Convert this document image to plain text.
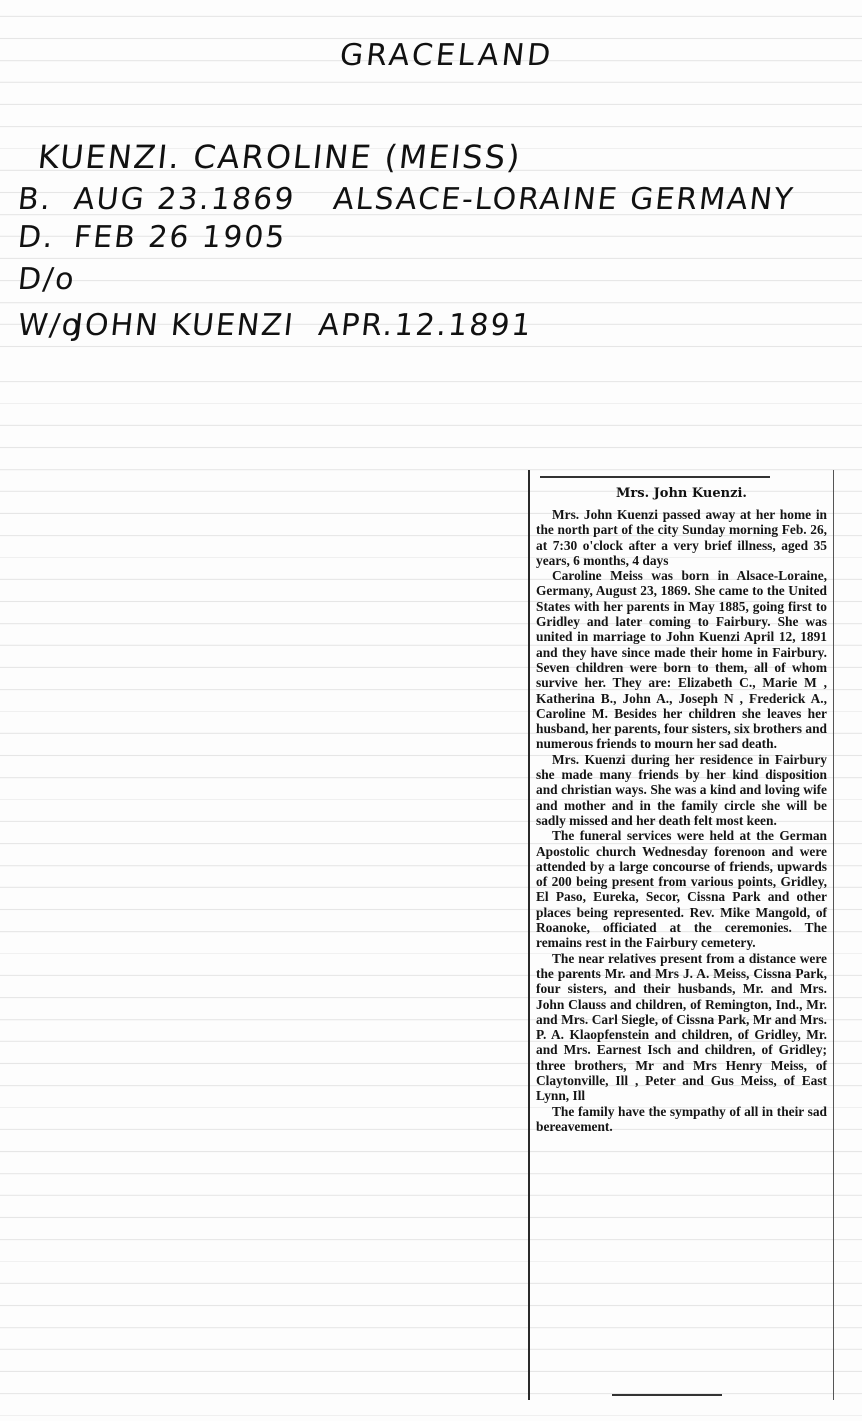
GRACELAND
KUENZI. CAROLINE (MEISS)
B. AUG 23.1869 ALSACE-LORAINE GERMANY
D. FEB 26 1905
D/o
W/oJOHN KUENZI APR.12.1891
Mrs. John Kuenzi.

Mrs. John Kuenzi passed away at her home in the north part of the city Sunday morning Feb. 26, at 7:30 o'clock after a very brief illness, aged 35 years, 6 months, 4 days

Caroline Meiss was born in Alsace-Loraine, Germany, August 23, 1869. She came to the United States with her parents in May 1885, going first to Gridley and later coming to Fairbury. She was united in marriage to John Kuenzi April 12, 1891 and they have since made their home in Fairbury. Seven children were born to them, all of whom survive her. They are: Elizabeth C., Marie M , Katherina B., John A., Joseph N , Frederick A., Caroline M. Besides her children she leaves her husband, her parents, four sisters, six brothers and numerous friends to mourn her sad death.

Mrs. Kuenzi during her residence in Fairbury she made many friends by her kind disposition and christian ways. She was a kind and loving wife and mother and in the family circle she will be sadly missed and her death felt most keen.

The funeral services were held at the German Apostolic church Wednesday forenoon and were attended by a large concourse of friends, upwards of 200 being present from various points, Gridley, El Paso, Eureka, Secor, Cissna Park and other places being represented. Rev. Mike Mangold, of Roanoke, officiated at the ceremonies. The remains rest in the Fairbury cemetery.

The near relatives present from a distance were the parents Mr. and Mrs J. A. Meiss, Cissna Park, four sisters, and their husbands, Mr. and Mrs. John Clauss and children, of Remington, Ind., Mr. and Mrs. Carl Siegle, of Cissna Park, Mr and Mrs. P. A. Klaopfenstein and children, of Gridley, Mr. and Mrs. Earnest Isch and children, of Gridley; three brothers, Mr and Mrs Henry Meiss, of Claytonville, Ill , Peter and Gus Meiss, of East Lynn, Ill

The family have the sympathy of all in their sad bereavement.
